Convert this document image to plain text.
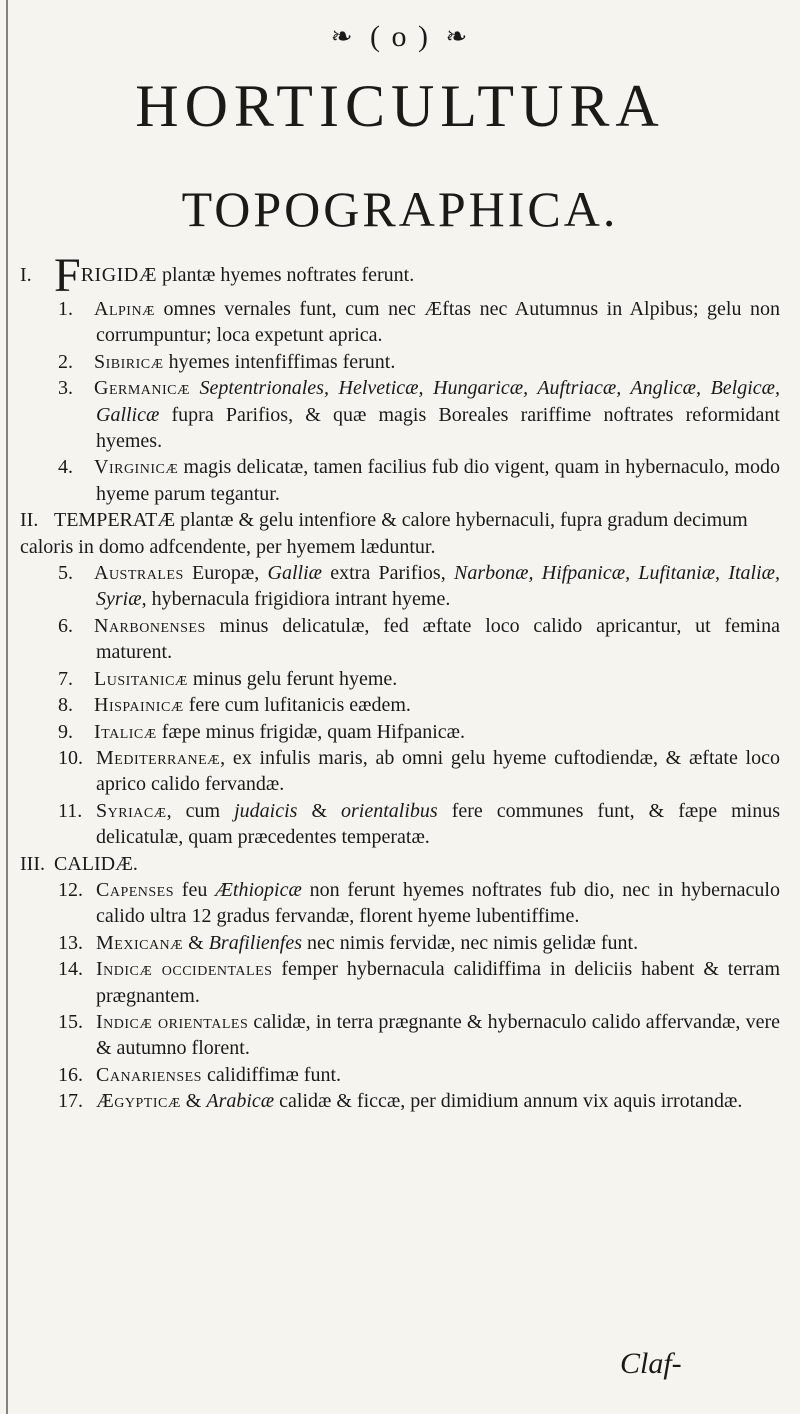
❧ ( o ) ❧
HORTICULTURA
TOPOGRAPHICA.
I. FRIGIDÆ plantæ hyemes noftrates ferunt.
1. Alpinæ omnes vernales funt, cum nec Æftas nec Autumnus in Alpibus; gelu non corrumpuntur; loca expetunt aprica.
2. Sibiricæ hyemes intenfiffimas ferunt.
3. Germanicæ Septentrionales, Helveticæ, Hungaricæ, Auftriacæ, Anglicæ, Belgicæ, Gallicæ fupra Parifios, & quæ magis Boreales rariffime noftrates reformidant hyemes.
4. Virginicæ magis delicatæ, tamen facilius fub dio vigent, quam in hybernaculo, modo hyeme parum tegantur.
II. TEMPERATÆ plantæ & gelu intenfiore & calore hybernaculi, fupra gradum decimum caloris in domo adfcendente, per hyemem læduntur.
5. Australes Europæ, Galliæ extra Parifios, Narbonæ, Hifpanicæ, Lufitaniæ, Italiæ, Syriæ, hybernacula frigidiora intrant hyeme.
6. Narbonenses minus delicatulæ, fed æftate loco calido apricantur, ut femina maturent.
7. Lusitanicæ minus gelu ferunt hyeme.
8. Hispainicæ fere cum lufitanicis eædem.
9. Italicæ fæpe minus frigidæ, quam Hifpanicæ.
10. Mediterraneæ, ex infulis maris, ab omni gelu hyeme cuftodiendæ, & æftate loco aprico calido fervandæ.
11. Syriacæ, cum judaicis & orientalibus fere communes funt, & fæpe minus delicatulæ, quam præcedentes temperatæ.
III. CALIDÆ.
12. Capenses feu Æthiopicæ non ferunt hyemes noftrates fub dio, nec in hybernaculo calido ultra 12 gradus fervandæ, florent hyeme lubentiffime.
13. Mexicanæ & Brafilienfes nec nimis fervidæ, nec nimis gelidæ funt.
14. Indicæ occidentales femper hybernacula calidiffima in deliciis habent & terram prægnantem.
15. Indicæ orientales calidæ, in terra prægnante & hybernaculo calido affervandæ, vere & autumno florent.
16. Canarienses calidiffimæ funt.
17. Ægypticæ & Arabicæ calidæ & ficcæ, per dimidium annum vix aquis irrotandæ.
Claf-
